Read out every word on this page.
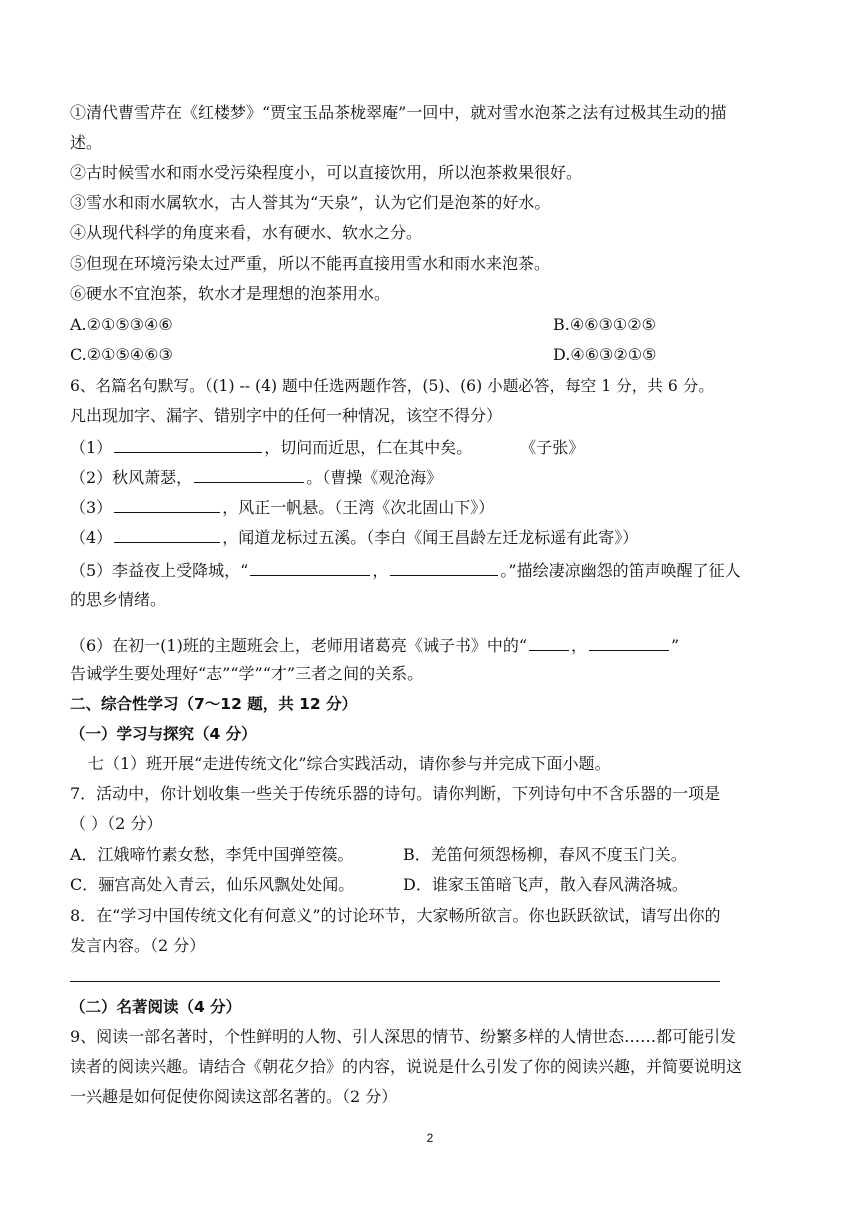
①清代曹雪芹在《红楼梦》“贾宝玉品茶栊翠庵”一回中，就对雪水泡茶之法有过极其生动的描
述。
②古时候雪水和雨水受污染程度小，可以直接饮用，所以泡茶救果很好。
③雪水和雨水属软水，古人誉其为“天泉”，认为它们是泡茶的好水。
④从现代科学的角度来看，水有硬水、软水之分。
⑤但现在环境污染太过严重，所以不能再直接用雪水和雨水来泡茶。
⑥硬水不宜泡茶，软水才是理想的泡茶用水。
A.②①⑤③④⑥	B.④⑥③①②⑤
C.②①⑤④⑥③	D.④⑥③②①⑤
6、名篇名句默写。（(1) -- (4) 题中任选两题作答，(5)、(6) 小题必答，每空 1 分，共 6 分。
凡出现加字、漏字、错别字中的任何一种情况，该空不得分）
（1）	，切问而近思，仁在其中矣。	《子张》
（2）秋风萧瑟，	。（曹操《观沧海》
（3）	，风正一帆悬。（王湾《次北固山下》）
（4）	，闻道龙标过五溪。（李白《闻王昌龄左迁龙标遥有此寄》）
（5）李益夜上受降城，“	，	。”描绘凄凉幽怨的笛声唤醒了征人
的思乡情绪。
（6）在初一(1)班的主题班会上，老师用诸葛亮《诫子书》中的“	，	”
告诫学生要处理好“志”“学”“才”三者之间的关系。
二、综合性学习（7～12 题，共 12 分）
（一）学习与探究（4 分）
七（1）班开展“走进传统文化”综合实践活动，请你参与并完成下面小题。
7．活动中，你计划收集一些关于传统乐器的诗句。请你判断，下列诗句中不含乐器的一项是
（ ）（2 分）
A．江娥啼竹素女愁，李凭中国弹箜篌。	B．羌笛何须怨杨柳，春风不度玉门关。
C．骊宫高处入青云，仙乐风飘处处闻。	D．谁家玉笛暗飞声，散入春风满洛城。
8．在“学习中国传统文化有何意义”的讨论环节，大家畅所欲言。你也跃跃欲试，请写出你的
发言内容。（2 分）
（二）名著阅读（4 分）
9、阅读一部名著时，个性鲜明的人物、引人深思的情节、纷繁多样的人情世态……都可能引发
读者的阅读兴趣。请结合《朝花夕拾》的内容，说说是什么引发了你的阅读兴趣，并简要说明这
一兴趣是如何促使你阅读这部名著的。（2 分）
2
